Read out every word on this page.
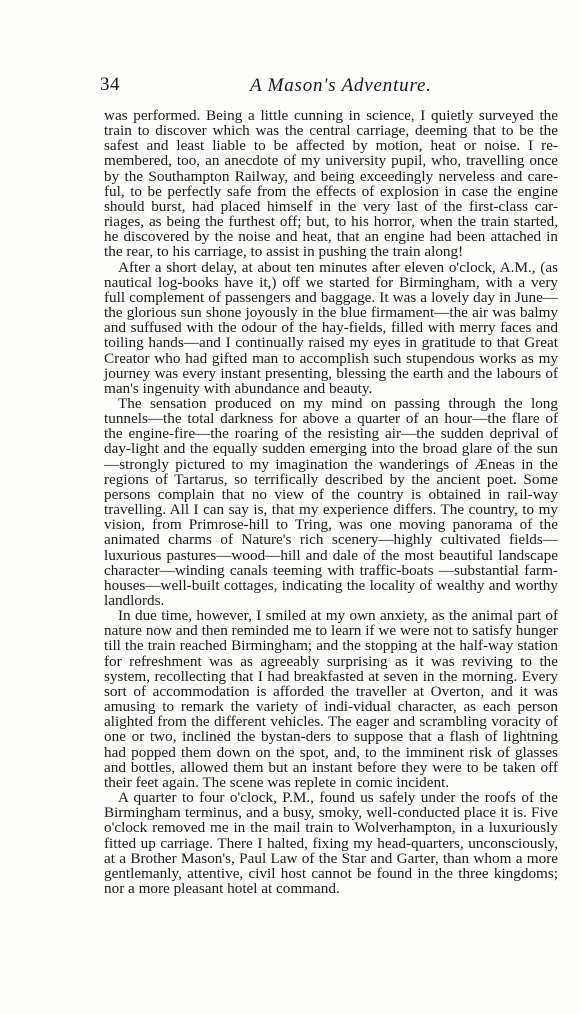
34	A Mason's Adventure.

was performed. Being a little cunning in science, I quietly surveyed the train to discover which was the central carriage, deeming that to be the safest and least liable to be affected by motion, heat or noise. I re-membered, too, an anecdote of my university pupil, who, travelling once by the Southampton Railway, and being exceedingly nerveless and care-ful, to be perfectly safe from the effects of explosion in case the engine should burst, had placed himself in the very last of the first-class car-riages, as being the furthest off; but, to his horror, when the train started, he discovered by the noise and heat, that an engine had been attached in the rear, to his carriage, to assist in pushing the train along!

After a short delay, at about ten minutes after eleven o'clock, A.M., (as nautical log-books have it,) off we started for Birmingham, with a very full complement of passengers and baggage. It was a lovely day in June—the glorious sun shone joyously in the blue firmament—the air was balmy and suffused with the odour of the hay-fields, filled with merry faces and toiling hands—and I continually raised my eyes in gratitude to that Great Creator who had gifted man to accomplish such stupendous works as my journey was every instant presenting, blessing the earth and the labours of man's ingenuity with abundance and beauty.

The sensation produced on my mind on passing through the long tunnels—the total darkness for above a quarter of an hour—the flare of the engine-fire—the roaring of the resisting air—the sudden deprival of day-light and the equally sudden emerging into the broad glare of the sun—strongly pictured to my imagination the wanderings of Æneas in the regions of Tartarus, so terrifically described by the ancient poet. Some persons complain that no view of the country is obtained in rail-way travelling. All I can say is, that my experience differs. The country, to my vision, from Primrose-hill to Tring, was one moving panorama of the animated charms of Nature's rich scenery—highly cultivated fields—luxurious pastures—wood—hill and dale of the most beautiful landscape character—winding canals teeming with traffic-boats —substantial farm-houses—well-built cottages, indicating the locality of wealthy and worthy landlords.

In due time, however, I smiled at my own anxiety, as the animal part of nature now and then reminded me to learn if we were not to satisfy hunger till the train reached Birmingham; and the stopping at the half-way station for refreshment was as agreeably surprising as it was reviving to the system, recollecting that I had breakfasted at seven in the morning. Every sort of accommodation is afforded the traveller at Overton, and it was amusing to remark the variety of indi-vidual character, as each person alighted from the different vehicles. The eager and scrambling voracity of one or two, inclined the bystan-ders to suppose that a flash of lightning had popped them down on the spot, and, to the imminent risk of glasses and bottles, allowed them but an instant before they were to be taken off their feet again. The scene was replete in comic incident.

A quarter to four o'clock, P.M., found us safely under the roofs of the Birmingham terminus, and a busy, smoky, well-conducted place it is. Five o'clock removed me in the mail train to Wolverhampton, in a luxuriously fitted up carriage. There I halted, fixing my head-quarters, unconsciously, at a Brother Mason's, Paul Law of the Star and Garter, than whom a more gentlemanly, attentive, civil host cannot be found in the three kingdoms; nor a more pleasant hotel at command.
